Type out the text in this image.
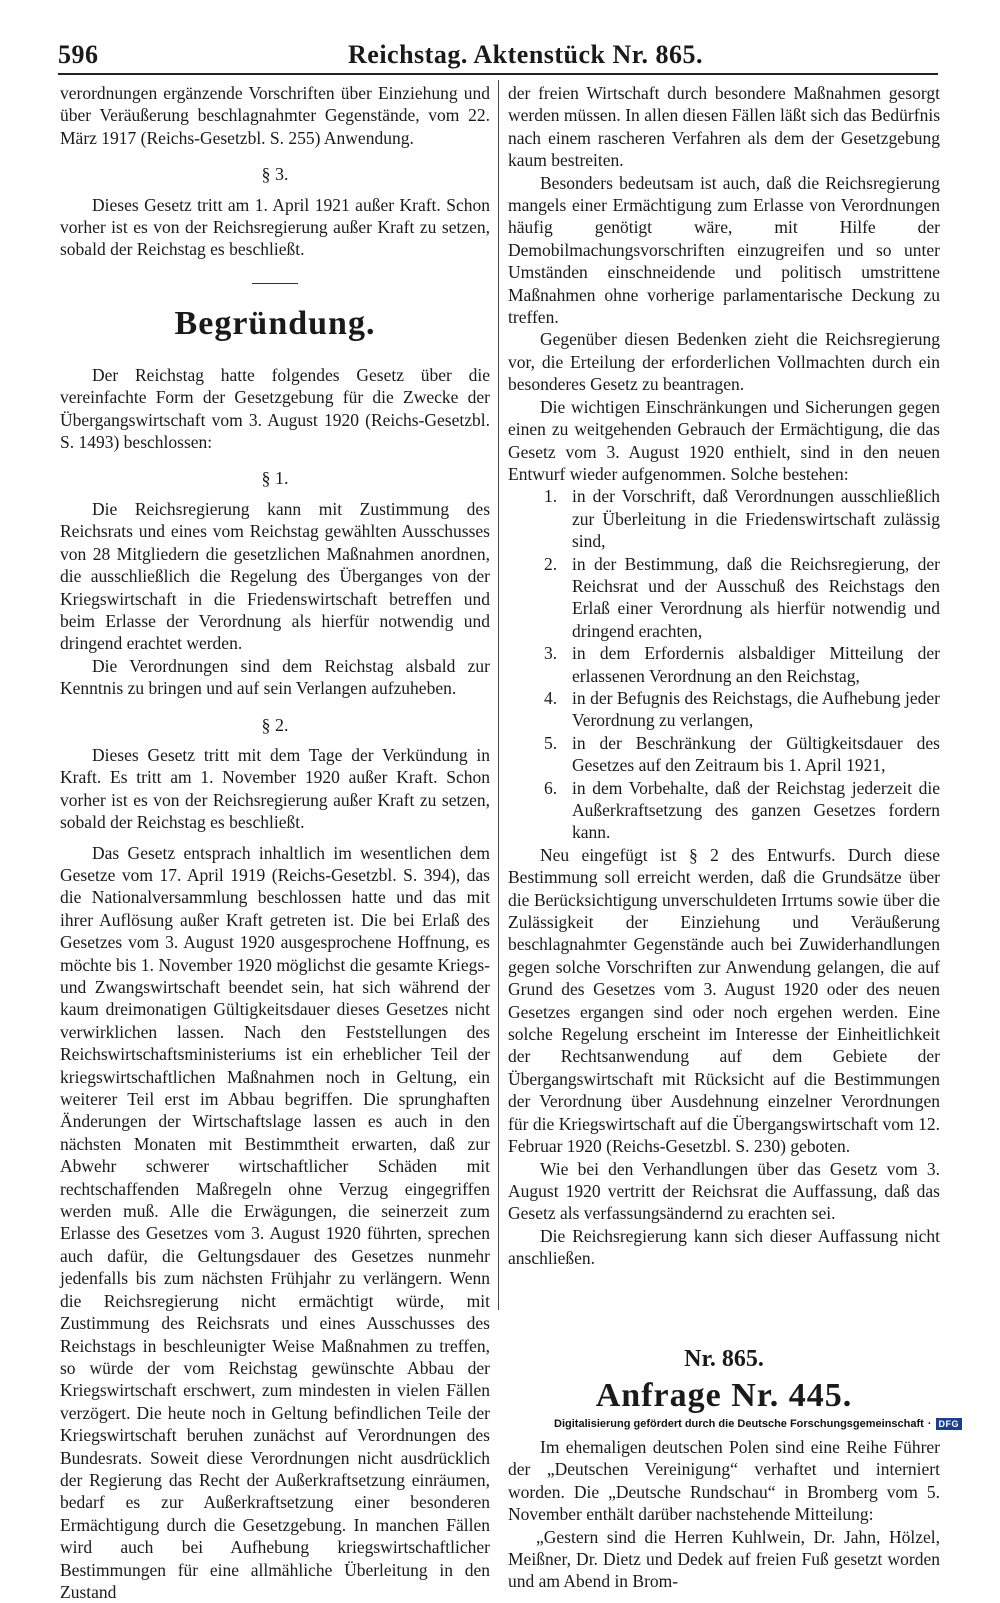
596	Reichstag. Aktenstück Nr. 865.

verordnungen ergänzende Vorschriften über Einziehung und über Veräußerung beschlagnahmter Gegenstände, vom 22. März 1917 (Reichs-Gesetzbl. S. 255) Anwendung.

§ 3.

Dieses Gesetz tritt am 1. April 1921 außer Kraft. Schon vorher ist es von der Reichsregierung außer Kraft zu setzen, sobald der Reichstag es beschließt.

Begründung.

Der Reichstag hatte folgendes Gesetz über die vereinfachte Form der Gesetzgebung für die Zwecke der Übergangswirtschaft vom 3. August 1920 (Reichs-Gesetzbl. S. 1493) beschlossen:

§ 1.

Die Reichsregierung kann mit Zustimmung des Reichsrats und eines vom Reichstag gewählten Ausschusses von 28 Mitgliedern die gesetzlichen Maßnahmen anordnen, die ausschließlich die Regelung des Überganges von der Kriegswirtschaft in die Friedenswirtschaft betreffen und beim Erlasse der Verordnung als hierfür notwendig und dringend erachtet werden.

Die Verordnungen sind dem Reichstag alsbald zur Kenntnis zu bringen und auf sein Verlangen aufzuheben.

§ 2.

Dieses Gesetz tritt mit dem Tage der Verkündung in Kraft. Es tritt am 1. November 1920 außer Kraft. Schon vorher ist es von der Reichsregierung außer Kraft zu setzen, sobald der Reichstag es beschließt.

Das Gesetz entsprach inhaltlich im wesentlichen dem Gesetze vom 17. April 1919 (Reichs-Gesetzbl. S. 394), das die Nationalversammlung beschlossen hatte und das mit ihrer Auflösung außer Kraft getreten ist. Die bei Erlaß des Gesetzes vom 3. August 1920 ausgesprochene Hoffnung, es möchte bis 1. November 1920 möglichst die gesamte Kriegs- und Zwangswirtschaft beendet sein, hat sich während der kaum dreimonatigen Gültigkeitsdauer dieses Gesetzes nicht verwirklichen lassen. Nach den Feststellungen des Reichswirtschaftsministeriums ist ein erheblicher Teil der kriegswirtschaftlichen Maßnahmen noch in Geltung, ein weiterer Teil erst im Abbau begriffen. Die sprunghaften Änderungen der Wirtschaftslage lassen es auch in den nächsten Monaten mit Bestimmtheit erwarten, daß zur Abwehr schwerer wirtschaftlicher Schäden mit rechtschaffenden Maßregeln ohne Verzug eingegriffen werden muß. Alle die Erwägungen, die seinerzeit zum Erlasse des Gesetzes vom 3. August 1920 führten, sprechen auch dafür, die Geltungsdauer des Gesetzes nunmehr jedenfalls bis zum nächsten Frühjahr zu verlängern. Wenn die Reichsregierung nicht ermächtigt würde, mit Zustimmung des Reichsrats und eines Ausschusses des Reichstags in beschleunigter Weise Maßnahmen zu treffen, so würde der vom Reichstag gewünschte Abbau der Kriegswirtschaft erschwert, zum mindesten in vielen Fällen verzögert. Die heute noch in Geltung befindlichen Teile der Kriegswirtschaft beruhen zunächst auf Verordnungen des Bundesrats. Soweit diese Verordnungen nicht ausdrücklich der Regierung das Recht der Außerkraftsetzung einräumen, bedarf es zur Außerkraftsetzung einer besonderen Ermächtigung durch die Gesetzgebung. In manchen Fällen wird auch bei Aufhebung kriegswirtschaftlicher Bestimmungen für eine allmähliche Überleitung in den Zustand

der freien Wirtschaft durch besondere Maßnahmen gesorgt werden müssen. In allen diesen Fällen läßt sich das Bedürfnis nach einem rascheren Verfahren als dem der Gesetzgebung kaum bestreiten.

Besonders bedeutsam ist auch, daß die Reichsregierung mangels einer Ermächtigung zum Erlasse von Verordnungen häufig genötigt wäre, mit Hilfe der Demobilmachungsvorschriften einzugreifen und so unter Umständen einschneidende und politisch umstrittene Maßnahmen ohne vorherige parlamentarische Deckung zu treffen.

Gegenüber diesen Bedenken zieht die Reichsregierung vor, die Erteilung der erforderlichen Vollmachten durch ein besonderes Gesetz zu beantragen.

Die wichtigen Einschränkungen und Sicherungen gegen einen zu weitgehenden Gebrauch der Ermächtigung, die das Gesetz vom 3. August 1920 enthielt, sind in den neuen Entwurf wieder aufgenommen. Solche bestehen:

1. in der Vorschrift, daß Verordnungen ausschließlich zur Überleitung in die Friedenswirtschaft zulässig sind,
2. in der Bestimmung, daß die Reichsregierung, der Reichsrat und der Ausschuß des Reichstags den Erlaß einer Verordnung als hierfür notwendig und dringend erachten,
3. in dem Erfordernis alsbaldiger Mitteilung der erlassenen Verordnung an den Reichstag,
4. in der Befugnis des Reichstags, die Aufhebung jeder Verordnung zu verlangen,
5. in der Beschränkung der Gültigkeitsdauer des Gesetzes auf den Zeitraum bis 1. April 1921,
6. in dem Vorbehalte, daß der Reichstag jederzeit die Außerkraftsetzung des ganzen Gesetzes fordern kann.

Neu eingefügt ist § 2 des Entwurfs. Durch diese Bestimmung soll erreicht werden, daß die Grundsätze über die Berücksichtigung unverschuldeten Irrtums sowie über die Zulässigkeit der Einziehung und Veräußerung beschlagnahmter Gegenstände auch bei Zuwiderhandlungen gegen solche Vorschriften zur Anwendung gelangen, die auf Grund des Gesetzes vom 3. August 1920 oder des neuen Gesetzes ergangen sind oder noch ergehen werden. Eine solche Regelung erscheint im Interesse der Einheitlichkeit der Rechtsanwendung auf dem Gebiete der Übergangswirtschaft mit Rücksicht auf die Bestimmungen der Verordnung über Ausdehnung einzelner Verordnungen für die Kriegswirtschaft auf die Übergangswirtschaft vom 12. Februar 1920 (Reichs-Gesetzbl. S. 230) geboten.

Wie bei den Verhandlungen über das Gesetz vom 3. August 1920 vertritt der Reichsrat die Auffassung, daß das Gesetz als verfassungsändernd zu erachten sei.

Die Reichsregierung kann sich dieser Auffassung nicht anschließen.

Nr. 865.
Anfrage Nr. 445.

Im ehemaligen deutschen Polen sind eine Reihe Führer der „Deutschen Vereinigung“ verhaftet und interniert worden. Die „Deutsche Rundschau“ in Bromberg vom 5. November enthält darüber nachstehende Mitteilung:

„Gestern sind die Herren Kuhlwein, Dr. Jahn, Hölzel, Meißner, Dr. Dietz und Dedek auf freien Fuß gesetzt worden und am Abend in Brom-

Digitalisierung gefördert durch die Deutsche Forschungsgemeinschaft · DFG
